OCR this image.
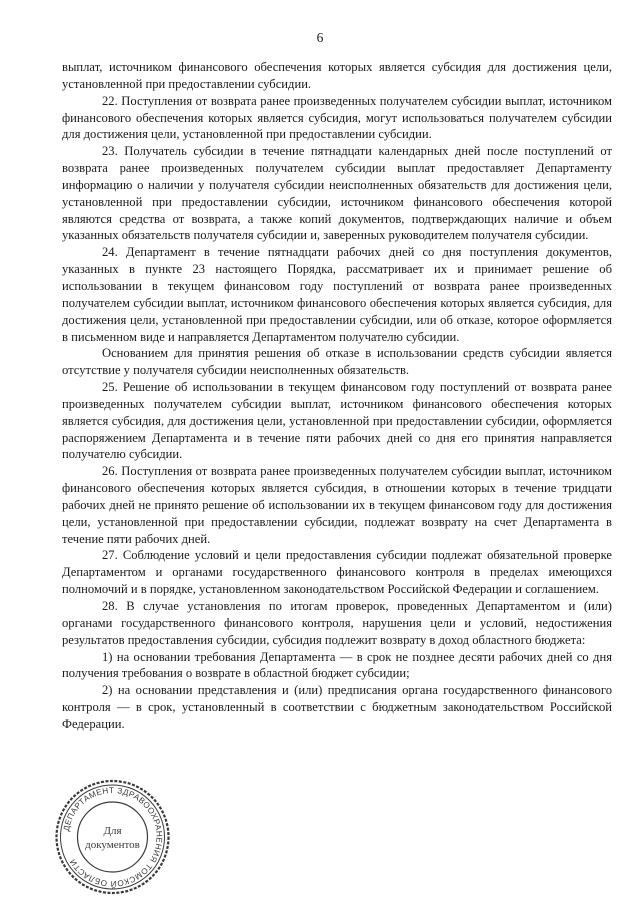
6

выплат, источником финансового обеспечения которых является субсидия для достижения цели, установленной при предоставлении субсидии.

22. Поступления от возврата ранее произведенных получателем субсидии выплат, источником финансового обеспечения которых является субсидия, могут использоваться получателем субсидии для достижения цели, установленной при предоставлении субсидии.

23. Получатель субсидии в течение пятнадцати календарных дней после поступлений от возврата ранее произведенных получателем субсидии выплат предоставляет Департаменту информацию о наличии у получателя субсидии неисполненных обязательств для достижения цели, установленной при предоставлении субсидии, источником финансового обеспечения которой являются средства от возврата, а также копий документов, подтверждающих наличие и объем указанных обязательств получателя субсидии и, заверенных руководителем получателя субсидии.

24. Департамент в течение пятнадцати рабочих дней со дня поступления документов, указанных в пункте 23 настоящего Порядка, рассматривает их и принимает решение об использовании в текущем финансовом году поступлений от возврата ранее произведенных получателем субсидии выплат, источником финансового обеспечения которых является субсидия, для достижения цели, установленной при предоставлении субсидии, или об отказе, которое оформляется в письменном виде и направляется Департаментом получателю субсидии.

Основанием для принятия решения об отказе в использовании средств субсидии является отсутствие у получателя субсидии неисполненных обязательств.

25. Решение об использовании в текущем финансовом году поступлений от возврата ранее произведенных получателем субсидии выплат, источником финансового обеспечения которых является субсидия, для достижения цели, установленной при предоставлении субсидии, оформляется распоряжением Департамента и в течение пяти рабочих дней со дня его принятия направляется получателю субсидии.

26. Поступления от возврата ранее произведенных получателем субсидии выплат, источником финансового обеспечения которых является субсидия, в отношении которых в течение тридцати рабочих дней не принято решение об использовании их в текущем финансовом году для достижения цели, установленной при предоставлении субсидии, подлежат возврату на счет Департамента в течение пяти рабочих дней.

27. Соблюдение условий и цели предоставления субсидии подлежат обязательной проверке Департаментом и органами государственного финансового контроля в пределах имеющихся полномочий и в порядке, установленном законодательством Российской Федерации и соглашением.

28. В случае установления по итогам проверок, проведенных Департаментом и (или) органами государственного финансового контроля, нарушения цели и условий, недостижения результатов предоставления субсидии, субсидия подлежит возврату в доход областного бюджета:

1) на основании требования Департамента — в срок не позднее десяти рабочих дней со дня получения требования о возврате в областной бюджет субсидии;

2) на основании представления и (или) предписания органа государственного финансового контроля — в срок, установленный в соответствии с бюджетным законодательством Российской Федерации.

ДЕПАРТАМЕНТ ЗДРАВООХРАНЕНИЯ ТОМСКОЙ ОБЛАСТИ
Для
документов
